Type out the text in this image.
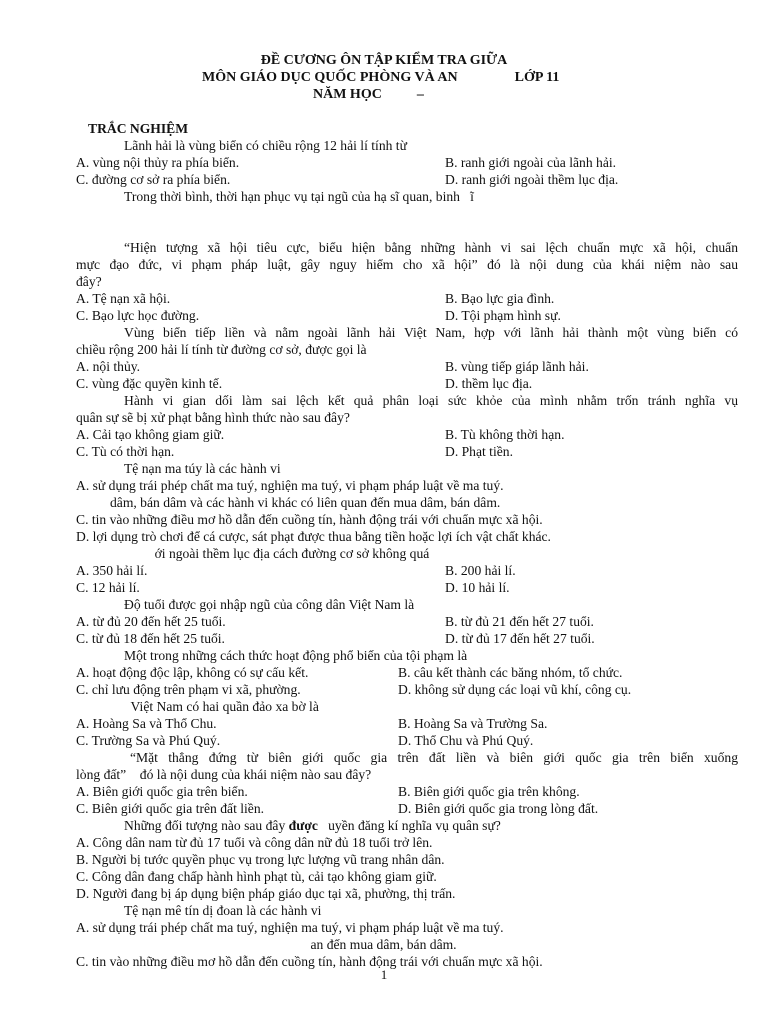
ĐỀ CƯƠNG ÔN TẬP KIỂM TRA GIỮA
MÔN GIÁO DỤC QUỐC PHÒNG VÀ AN	LỚP 11
NĂM HỌC          –
TRẮC NGHIỆM
Lãnh hải là vùng biển có chiều rộng 12 hải lí tính từ
A. vùng nội thủy ra phía biển.	B. ranh giới ngoài của lãnh hải.
C. đường cơ sở ra phía biển.	D. ranh giới ngoài thềm lục địa.
Trong thời bình, thời hạn phục vụ tại ngũ của hạ sĩ quan, binh   ĩ
“Hiện tượng xã hội tiêu cực, biểu hiện bằng những hành vi sai lệch chuẩn mực xã hội, chuẩn
mực đạo đức, vi phạm pháp luật, gây nguy hiểm cho xã hội” đó là nội dung của khái niệm nào sau
đây?
A. Tệ nạn xã hội.	B. Bạo lực gia đình.
C. Bạo lực học đường.	D. Tội phạm hình sự.
Vùng biển tiếp liền và nằm ngoài lãnh hải Việt Nam, hợp với lãnh hải thành một vùng biển có
chiều rộng 200 hải lí tính từ đường cơ sở, được gọi là
A. nội thủy.	B. vùng tiếp giáp lãnh hải.
C. vùng đặc quyền kinh tế.	D. thềm lục địa.
Hành vi gian dối làm sai lệch kết quả phân loại sức khỏe của mình nhằm trốn tránh nghĩa vụ
quân sự sẽ bị xử phạt bằng hình thức nào sau đây?
A. Cải tạo không giam giữ.	B. Tù không thời hạn.
C. Tù có thời hạn.	D. Phạt tiền.
Tệ nạn ma túy là các hành vi
A. sử dụng trái phép chất ma tuý, nghiện ma tuý, vi phạm pháp luật về ma tuý.
dâm, bán dâm và các hành vi khác có liên quan đến mua dâm, bán dâm.
C. tin vào những điều mơ hồ dẫn đến cuồng tín, hành động trái với chuẩn mực xã hội.
D. lợi dụng trò chơi để cá cược, sát phạt được thua bằng tiền hoặc lợi ích vật chất khác.
ới ngoài thềm lục địa cách đường cơ sở không quá
A. 350 hải lí.	B. 200 hải lí.
C. 12 hải lí.	D. 10 hải lí.
Độ tuổi được gọi nhập ngũ của công dân Việt Nam là
A. từ đủ 20 đến hết 25 tuổi.	B. từ đủ 21 đến hết 27 tuổi.
C. từ đủ 18 đến hết 25 tuổi.	D. từ đủ 17 đến hết 27 tuổi.
Một trong những cách thức hoạt động phổ biến của tội phạm là
A. hoạt động độc lập, không có sự cấu kết.	B. câu kết thành các băng nhóm, tổ chức.
C. chỉ lưu động trên phạm vi xã, phường.	D. không sử dụng các loại vũ khí, công cụ.
Việt Nam có hai quần đảo xa bờ là
A. Hoàng Sa và Thổ Chu.	B. Hoàng Sa và Trường Sa.
C. Trường Sa và Phú Quý.	D. Thổ Chu và Phú Quý.
“Mặt thẳng đứng từ biên giới quốc gia trên đất liền và biên giới quốc gia trên biển xuống
lòng đất”    đó là nội dung của khái niệm nào sau đây?
A. Biên giới quốc gia trên biển.	B. Biên giới quốc gia trên không.
C. Biên giới quốc gia trên đất liền.	D. Biên giới quốc gia trong lòng đất.
B. Người bị tước quyền phục vụ trong lực lượng vũ trang nhân dân.
A. Công dân nam từ đủ 17 tuổi và công dân nữ đủ 18 tuổi trở lên.
C. Công dân đang chấp hành hình phạt tù, cải tạo không giam giữ.
D. Người đang bị áp dụng biện pháp giáo dục tại xã, phường, thị trấn.
Tệ nạn mê tín dị đoan là các hành vi
A. sử dụng trái phép chất ma tuý, nghiện ma tuý, vi phạm pháp luật về ma tuý.
an đến mua dâm, bán dâm.
C. tin vào những điều mơ hồ dẫn đến cuồng tín, hành động trái với chuẩn mực xã hội.
Những đối tượng nào sau đây được   uyền đăng kí nghĩa vụ quân sự?
1
